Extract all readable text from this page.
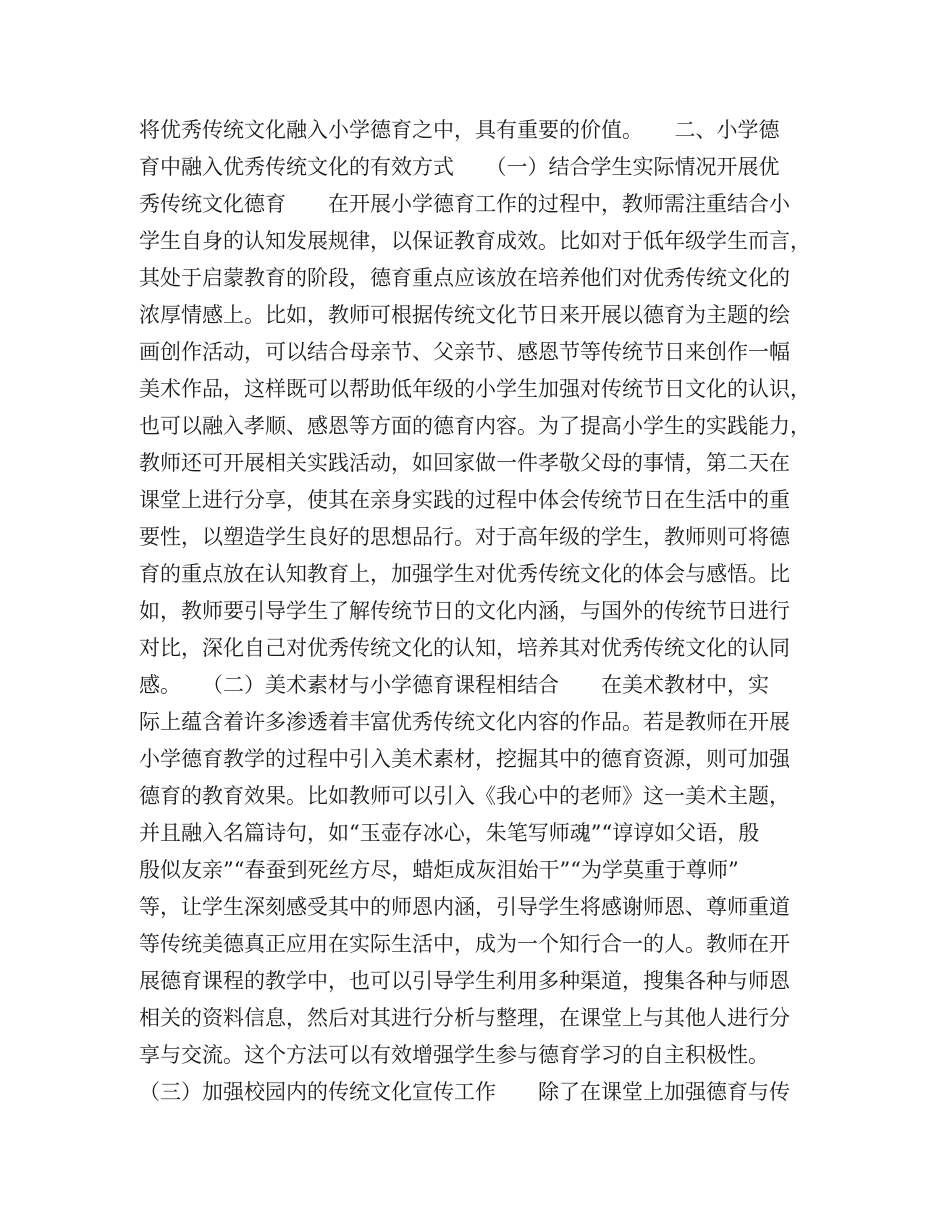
将优秀传统文化融入小学德育之中，具有重要的价值。　　二、小学德
育中融入优秀传统文化的有效方式　　（一）结合学生实际情况开展优
秀传统文化德育　　在开展小学德育工作的过程中，教师需注重结合小
学生自身的认知发展规律，以保证教育成效。比如对于低年级学生而言，
其处于启蒙教育的阶段，德育重点应该放在培养他们对优秀传统文化的
浓厚情感上。比如，教师可根据传统文化节日来开展以德育为主题的绘
画创作活动，可以结合母亲节、父亲节、感恩节等传统节日来创作一幅
美术作品，这样既可以帮助低年级的小学生加强对传统节日文化的认识，
也可以融入孝顺、感恩等方面的德育内容。为了提高小学生的实践能力，
教师还可开展相关实践活动，如回家做一件孝敬父母的事情，第二天在
课堂上进行分享，使其在亲身实践的过程中体会传统节日在生活中的重
要性，以塑造学生良好的思想品行。对于高年级的学生，教师则可将德
育的重点放在认知教育上，加强学生对优秀传统文化的体会与感悟。比
如，教师要引导学生了解传统节日的文化内涵，与国外的传统节日进行
对比，深化自己对优秀传统文化的认知，培养其对优秀传统文化的认同
感。　　（二）美术素材与小学德育课程相结合　　在美术教材中，实
际上蕴含着许多渗透着丰富优秀传统文化内容的作品。若是教师在开展
小学德育教学的过程中引入美术素材，挖掘其中的德育资源，则可加强
德育的教育效果。比如教师可以引入《我心中的老师》这一美术主题，
并且融入名篇诗句，如“玉壶存冰心，朱笔写师魂”“谆谆如父语，殷
殷似友亲”“春蚕到死丝方尽，蜡炬成灰泪始干”“为学莫重于尊师”
等，让学生深刻感受其中的师恩内涵，引导学生将感谢师恩、尊师重道
等传统美德真正应用在实际生活中，成为一个知行合一的人。教师在开
展德育课程的教学中，也可以引导学生利用多种渠道，搜集各种与师恩
相关的资料信息，然后对其进行分析与整理，在课堂上与其他人进行分
享与交流。这个方法可以有效增强学生参与德育学习的自主积极性。
（三）加强校园内的传统文化宣传工作　　除了在课堂上加强德育与传
